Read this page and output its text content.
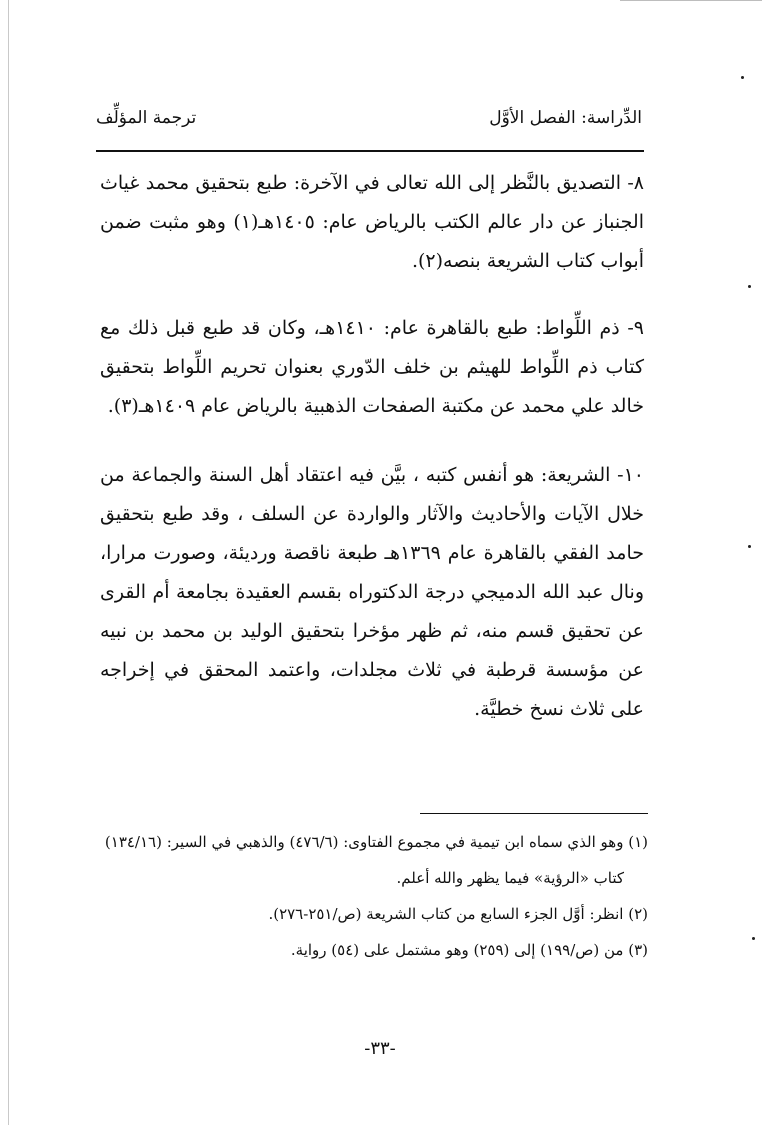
الدِّراسة: الفصل الأوَّل
ترجمة المؤلِّف

٨- التصديق بالنَّظر إلى الله تعالى في الآخرة: طبع بتحقيق محمد غياث الجنباز عن دار عالم الكتب بالرياض عام: ١٤٠٥هـ(١) وهو مثبت ضمن أبواب كتاب الشريعة بنصه(٢).

٩- ذم اللِّواط: طبع بالقاهرة عام: ١٤١٠هـ، وكان قد طبع قبل ذلك مع كتاب ذم اللِّواط للهيثم بن خلف الدّوري بعنوان تحريم اللِّواط بتحقيق خالد علي محمد عن مكتبة الصفحات الذهبية بالرياض عام ١٤٠٩هـ(٣).

١٠- الشريعة: هو أنفس كتبه ، بيَّن فيه اعتقاد أهل السنة والجماعة من خلال الآيات والأحاديث والآثار والواردة عن السلف ، وقد طبع بتحقيق حامد الفقي بالقاهرة عام ١٣٦٩هـ طبعة ناقصة ورديئة، وصورت مرارا، ونال عبد الله الدميجي درجة الدكتوراه بقسم العقيدة بجامعة أم القرى عن تحقيق قسم منه، ثم ظهر مؤخرا بتحقيق الوليد بن محمد بن نبيه عن مؤسسة قرطبة في ثلاث مجلدات، واعتمد المحقق في إخراجه على ثلاث نسخ خطيَّة.

(١) وهو الذي سماه ابن تيمية في مجموع الفتاوى: (٤٧٦/٦) والذهبي في السير: (١٣٤/١٦)

كتاب «الرؤية» فيما يظهر والله أعلم.

(٢) انظر: أوَّل الجزء السابع من كتاب الشريعة (ص/٢٥١-٢٧٦).

(٣) من (ص/١٩٩) إلى (٢٥٩) وهو مشتمل على (٥٤) رواية.

-٣٣-
